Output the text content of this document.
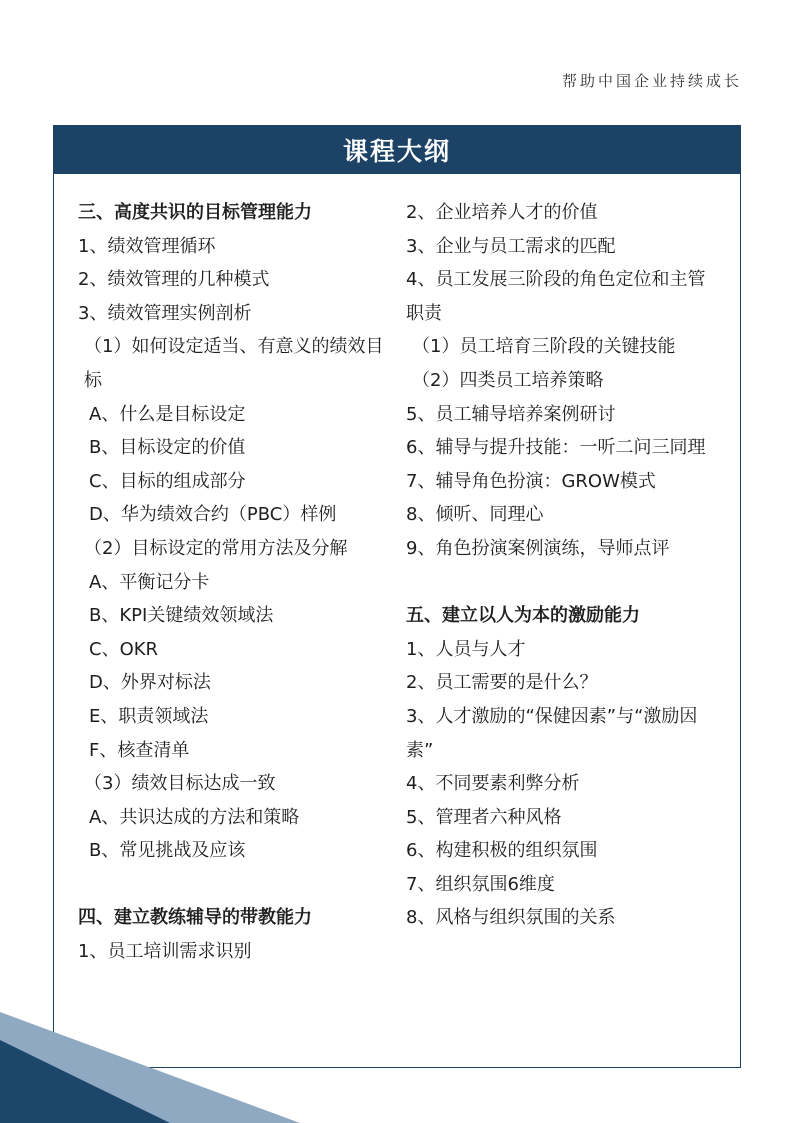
帮助中国企业持续成长
课程大纲
三、高度共识的目标管理能力
1、绩效管理循环
2、绩效管理的几种模式
3、绩效管理实例剖析
（1）如何设定适当、有意义的绩效目标
A、什么是目标设定
B、目标设定的价值
C、目标的组成部分
D、华为绩效合约（PBC）样例
（2）目标设定的常用方法及分解
A、平衡记分卡
B、KPI关键绩效领域法
C、OKR
D、外界对标法
E、职责领域法
F、核查清单
（3）绩效目标达成一致
A、共识达成的方法和策略
B、常见挑战及应该
四、建立教练辅导的带教能力
1、员工培训需求识别
2、企业培养人才的价值
3、企业与员工需求的匹配
4、员工发展三阶段的角色定位和主管职责
（1）员工培育三阶段的关键技能
（2）四类员工培养策略
5、员工辅导培养案例研讨
6、辅导与提升技能：一听二问三同理
7、辅导角色扮演：GROW模式
8、倾听、同理心
9、角色扮演案例演练，导师点评
五、建立以人为本的激励能力
1、人员与人才
2、员工需要的是什么？
3、人才激励的“保健因素”与“激励因素”
4、不同要素利弊分析
5、管理者六种风格
6、构建积极的组织氛围
7、组织氛围6维度
8、风格与组织氛围的关系
